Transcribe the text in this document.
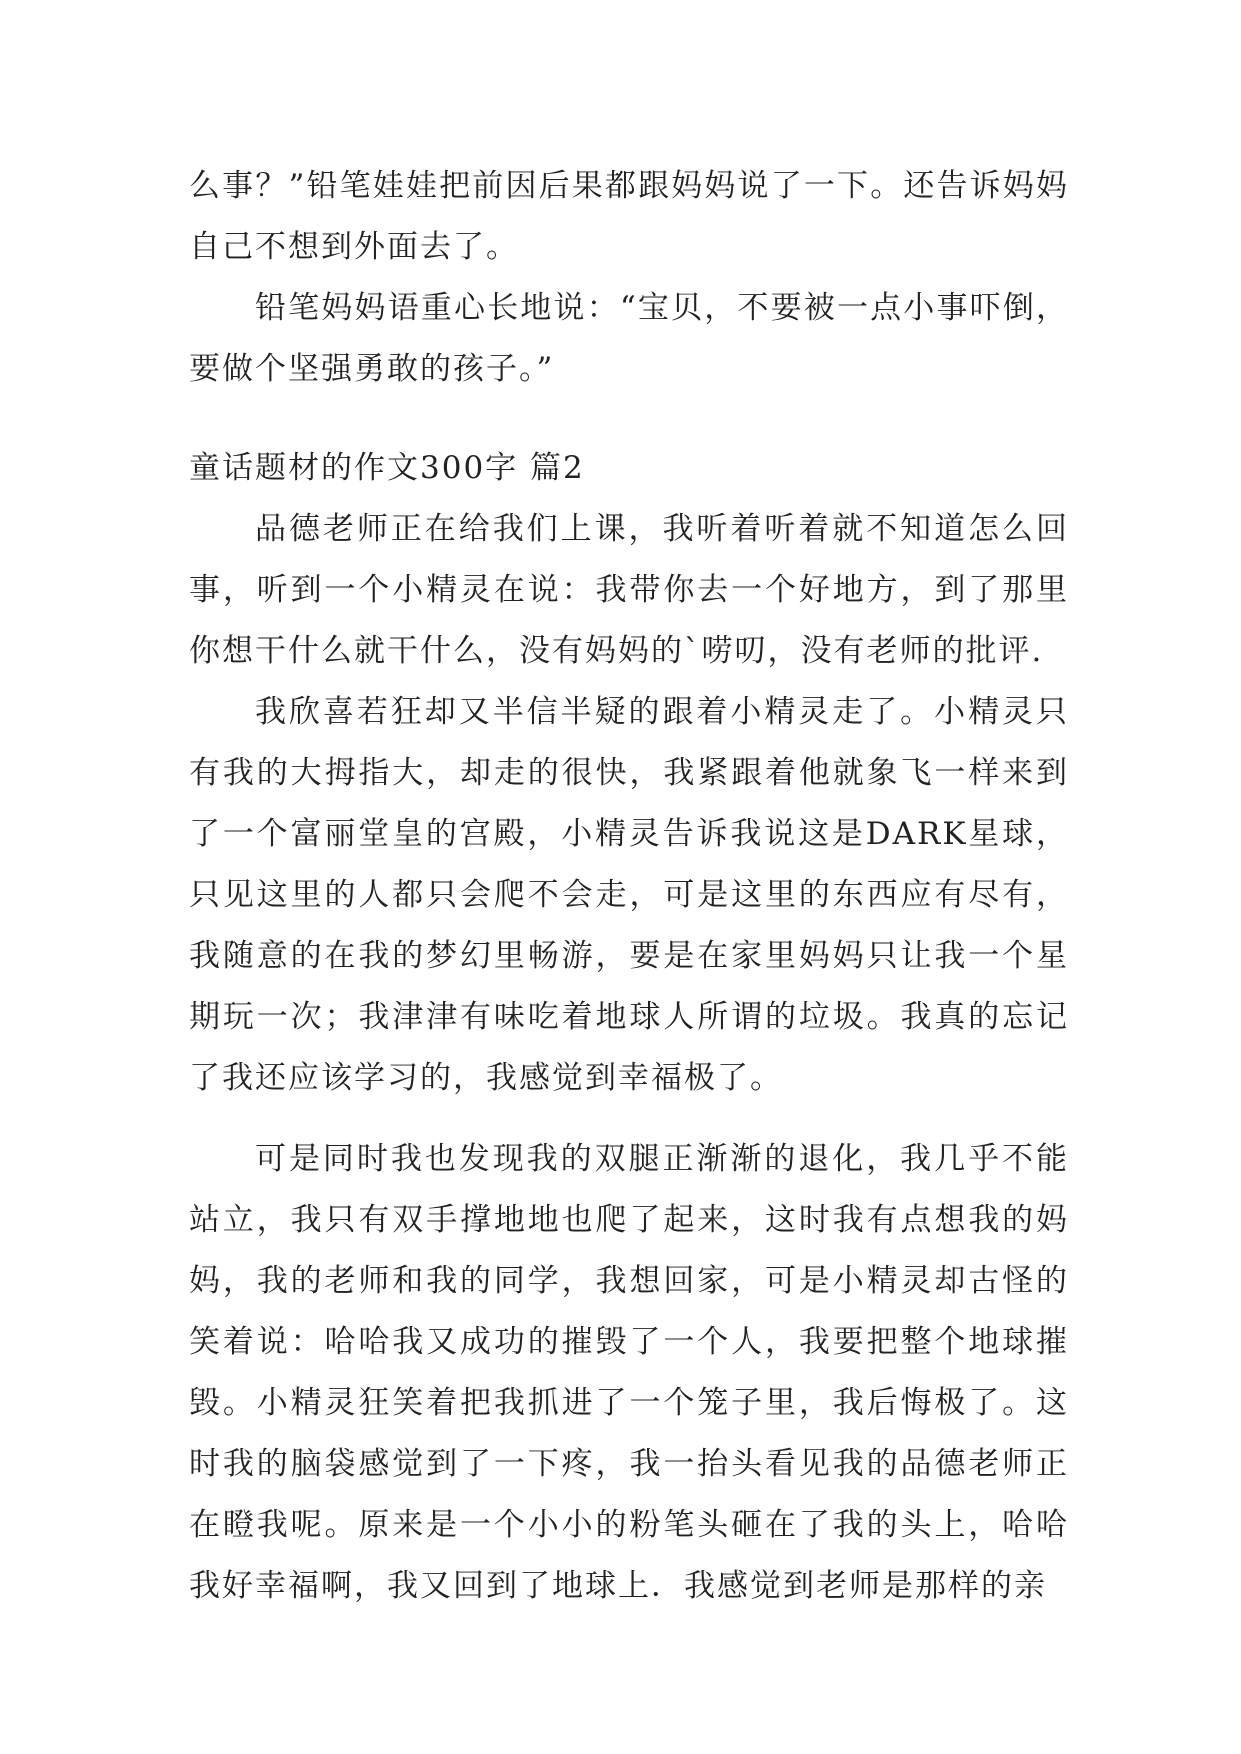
么事？”铅笔娃娃把前因后果都跟妈妈说了一下。还告诉妈妈自己不想到外面去了。

铅笔妈妈语重心长地说：“宝贝，不要被一点小事吓倒，要做个坚强勇敢的孩子。”

童话题材的作文300字 篇2

品德老师正在给我们上课，我听着听着就不知道怎么回事，听到一个小精灵在说：我带你去一个好地方，到了那里你想干什么就干什么，没有妈妈的`唠叨，没有老师的批评.

我欣喜若狂却又半信半疑的跟着小精灵走了。小精灵只有我的大拇指大，却走的很快，我紧跟着他就象飞一样来到了一个富丽堂皇的宫殿，小精灵告诉我说这是DARK星球，只见这里的人都只会爬不会走，可是这里的东西应有尽有，我随意的在我的梦幻里畅游，要是在家里妈妈只让我一个星期玩一次；我津津有味吃着地球人所谓的垃圾。我真的忘记了我还应该学习的，我感觉到幸福极了。

可是同时我也发现我的双腿正渐渐的退化，我几乎不能站立，我只有双手撑地地也爬了起来，这时我有点想我的妈妈，我的老师和我的同学，我想回家，可是小精灵却古怪的笑着说：哈哈我又成功的摧毁了一个人，我要把整个地球摧毁。小精灵狂笑着把我抓进了一个笼子里，我后悔极了。这时我的脑袋感觉到了一下疼，我一抬头看见我的品德老师正在瞪我呢。原来是一个小小的粉笔头砸在了我的头上，哈哈我好幸福啊，我又回到了地球上．我感觉到老师是那样的亲
